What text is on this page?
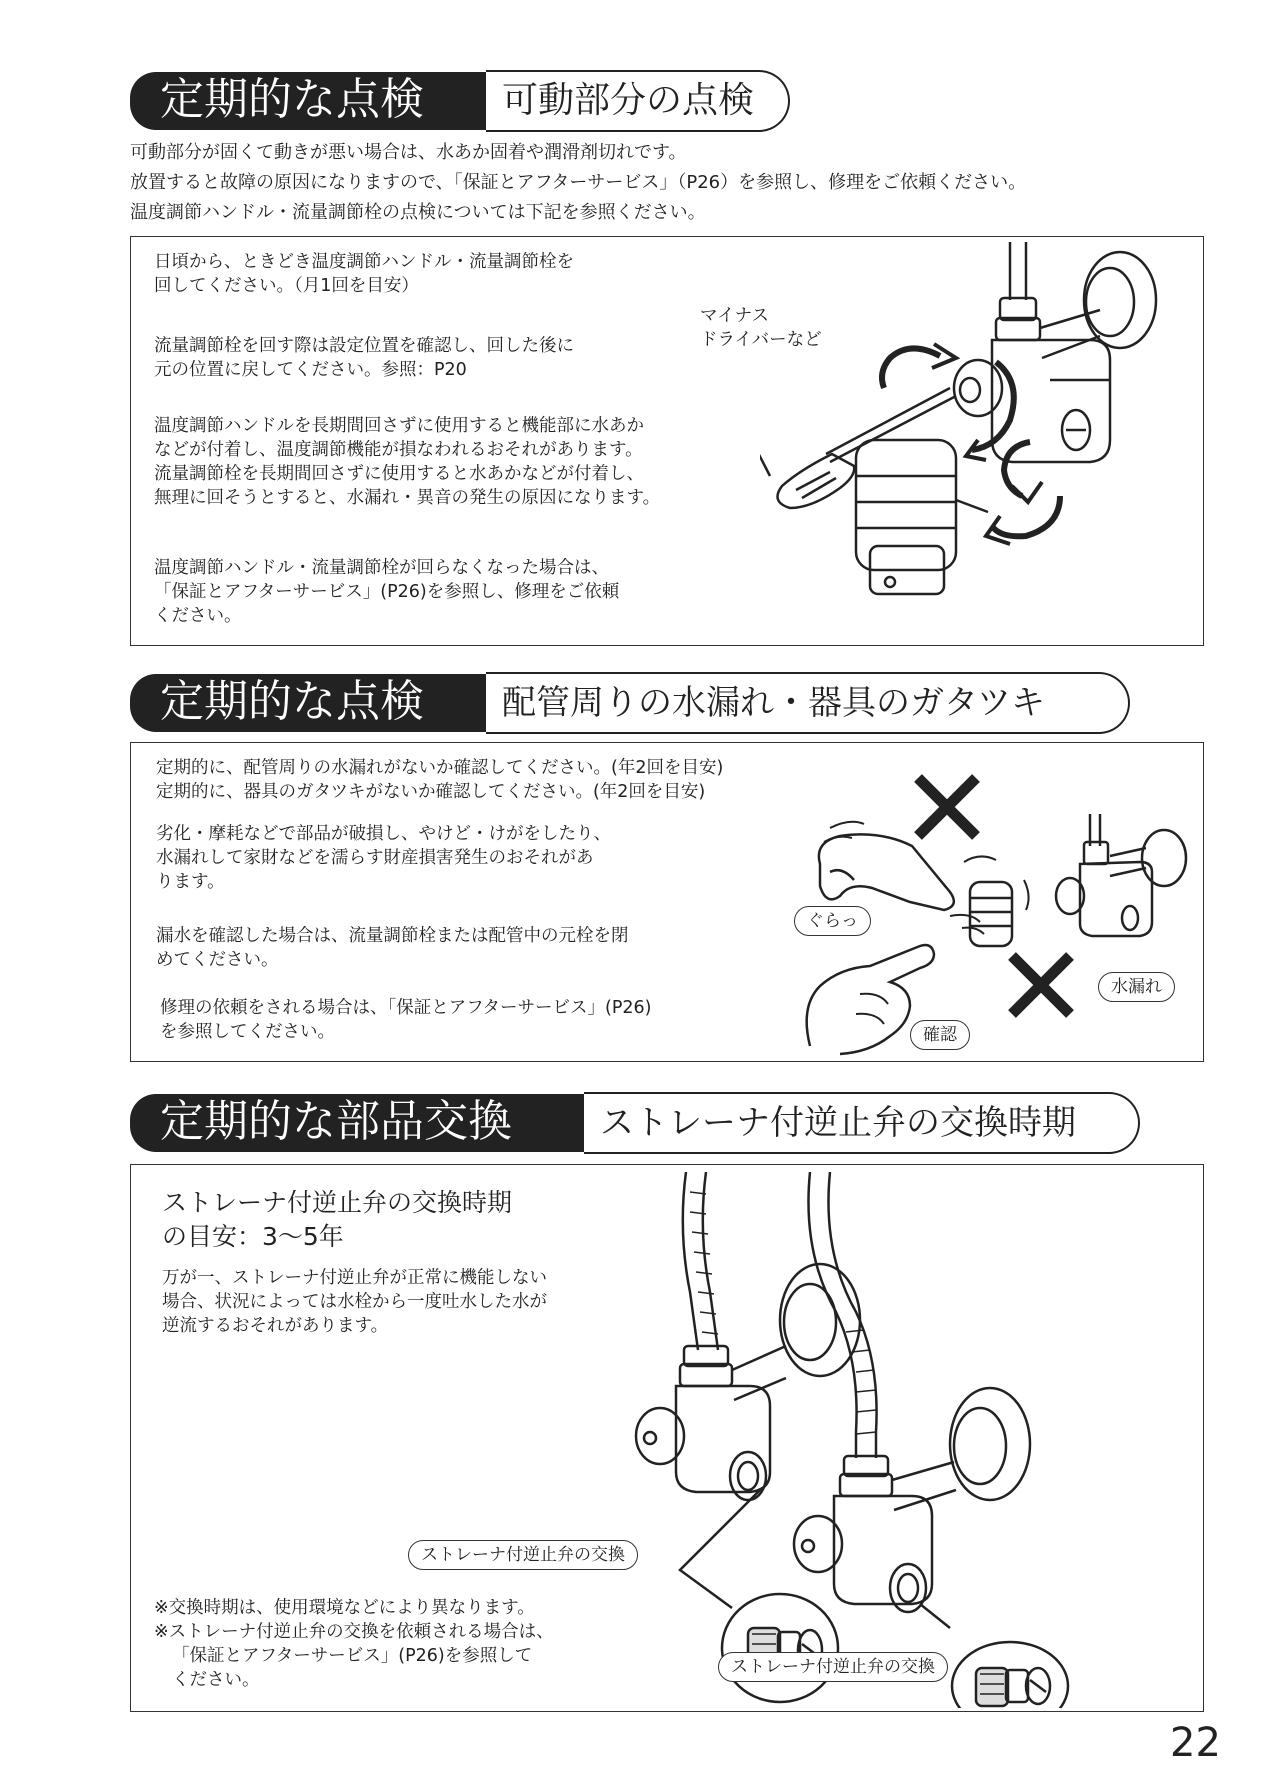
定期的な点検	可動部分の点検

可動部分が固くて動きが悪い場合は、水あか固着や潤滑剤切れです。

放置すると故障の原因になりますので、「保証とアフターサービス」（P26）を参照し、修理をご依頼ください。

温度調節ハンドル・流量調節栓の点検については下記を参照ください。

日頃から、ときどき温度調節ハンドル・流量調節栓を

回してください。（月1回を目安）

流量調節栓を回す際は設定位置を確認し、回した後に

元の位置に戻してください。参照：P20

温度調節ハンドルを長期間回さずに使用すると機能部に水あか

などが付着し、温度調節機能が損なわれるおそれがあります。

流量調節栓を長期間回さずに使用すると水あかなどが付着し、

無理に回そうとすると、水漏れ・異音の発生の原因になります。

温度調節ハンドル・流量調節栓が回らなくなった場合は、

「保証とアフターサービス」(P26)を参照し、修理をご依頼

ください。

マイナス

ドライバーなど

定期的な点検	配管周りの水漏れ・器具のガタツキ

定期的に、配管周りの水漏れがないか確認してください。(年2回を目安)

定期的に、器具のガタツキがないか確認してください。(年2回を目安)

劣化・摩耗などで部品が破損し、やけど・けがをしたり、

水漏れして家財などを濡らす財産損害発生のおそれがあ

ります。

漏水を確認した場合は、流量調節栓または配管中の元栓を閉

めてください。

修理の依頼をされる場合は、「保証とアフターサービス」(P26)

を参照してください。

ぐらっ
水漏れ
確認
定期的な部品交換	ストレーナ付逆止弁の交換時期

ストレーナ付逆止弁の交換時期

の目安：3～5年

万が一、ストレーナ付逆止弁が正常に機能しない

場合、状況によっては水栓から一度吐水した水が

逆流するおそれがあります。

※交換時期は、使用環境などにより異なります。

※ストレーナ付逆止弁の交換を依頼される場合は、

「保証とアフターサービス」(P26)を参照して

ください。

ストレーナ付逆止弁の交換
ストレーナ付逆止弁の交換
22
